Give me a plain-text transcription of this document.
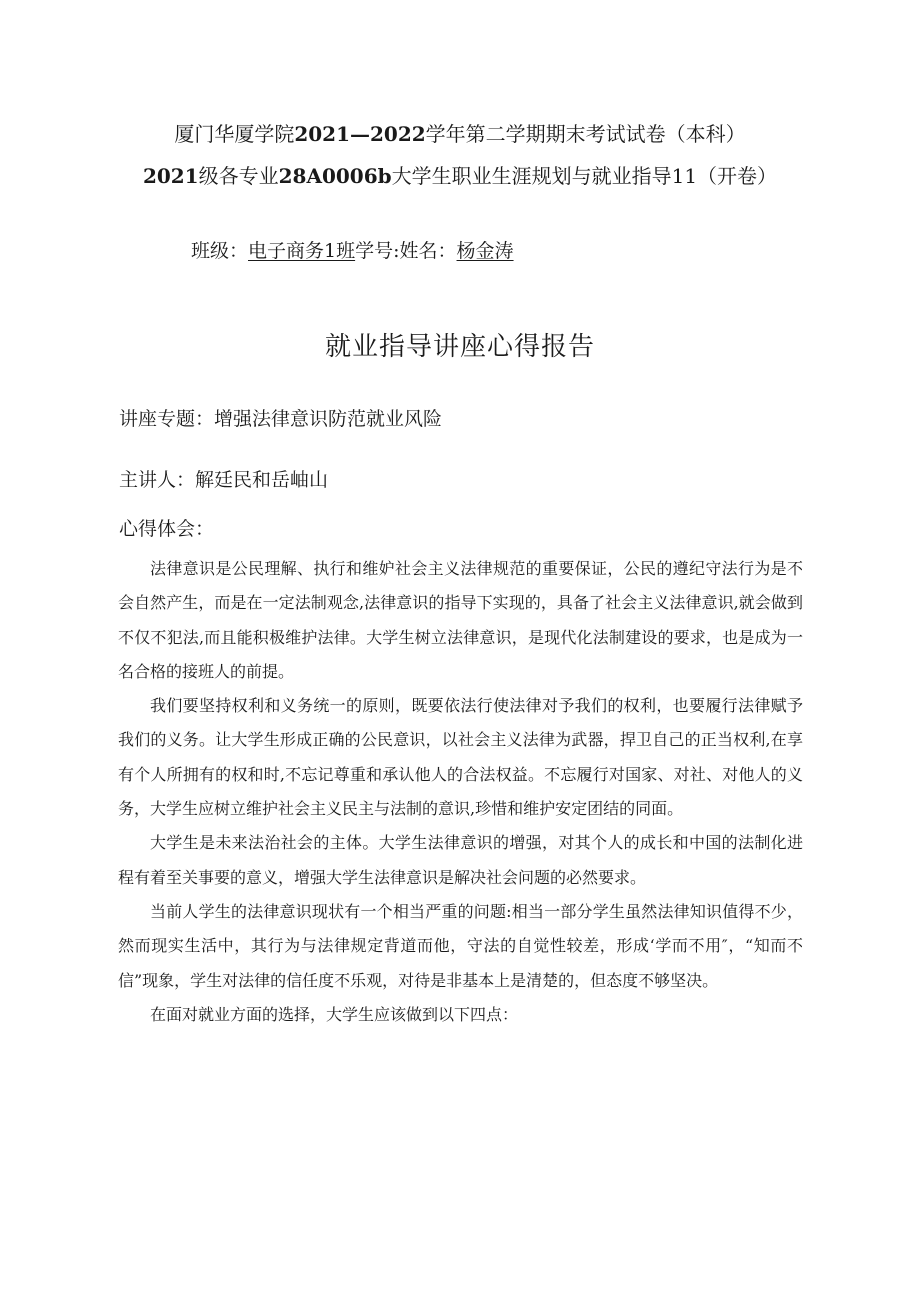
厦门华厦学院2021—2022学年第二学期期末考试试卷（本科）
2021级各专业28A0006b大学生职业生涯规划与就业指导11（开卷）
班级：电子商务1班学号:姓名：杨金涛
就业指导讲座心得报告
讲座专题：增强法律意识防范就业风险
主讲人：解廷民和岳岫山
心得体会：

法律意识是公民理解、执行和维妒社会主义法律规范的重要保证，公民的遵纪守法行为是不会自然产生，而是在一定法制观念,法律意识的指导下实现的，具备了社会主义法律意识,就会做到不仅不犯法,而且能积极维护法律。大学生树立法律意识，是现代化法制建设的要求，也是成为一名合格的接班人的前提。

我们要坚持权利和义务统一的原则，既要依法行使法律对予我们的权利，也要履行法律赋予我们的义务。让大学生形成正确的公民意识，以社会主义法律为武器，捍卫自己的正当权利,在享有个人所拥有的权和时,不忘记尊重和承认他人的合法权益。不忘履行对国家、对社、对他人的义务，大学生应树立维护社会主义民主与法制的意识,珍惜和维护安定团结的同面。

大学生是未来法治社会的主体。大学生法律意识的增强，对其个人的成长和中国的法制化进程有着至关事要的意义，增强大学生法律意识是解决社会问题的必然要求。

当前人学生的法律意识现状有一个相当严重的问题:相当一部分学生虽然法律知识值得不少，然而现实生活中，其行为与法律规定背道而他，守法的自觉性较差，形成‘学而不用″，“知而不信”现象，学生对法律的信任度不乐观，对待是非基本上是清楚的，但态度不够坚决。

在面对就业方面的选择，大学生应该做到以下四点：
